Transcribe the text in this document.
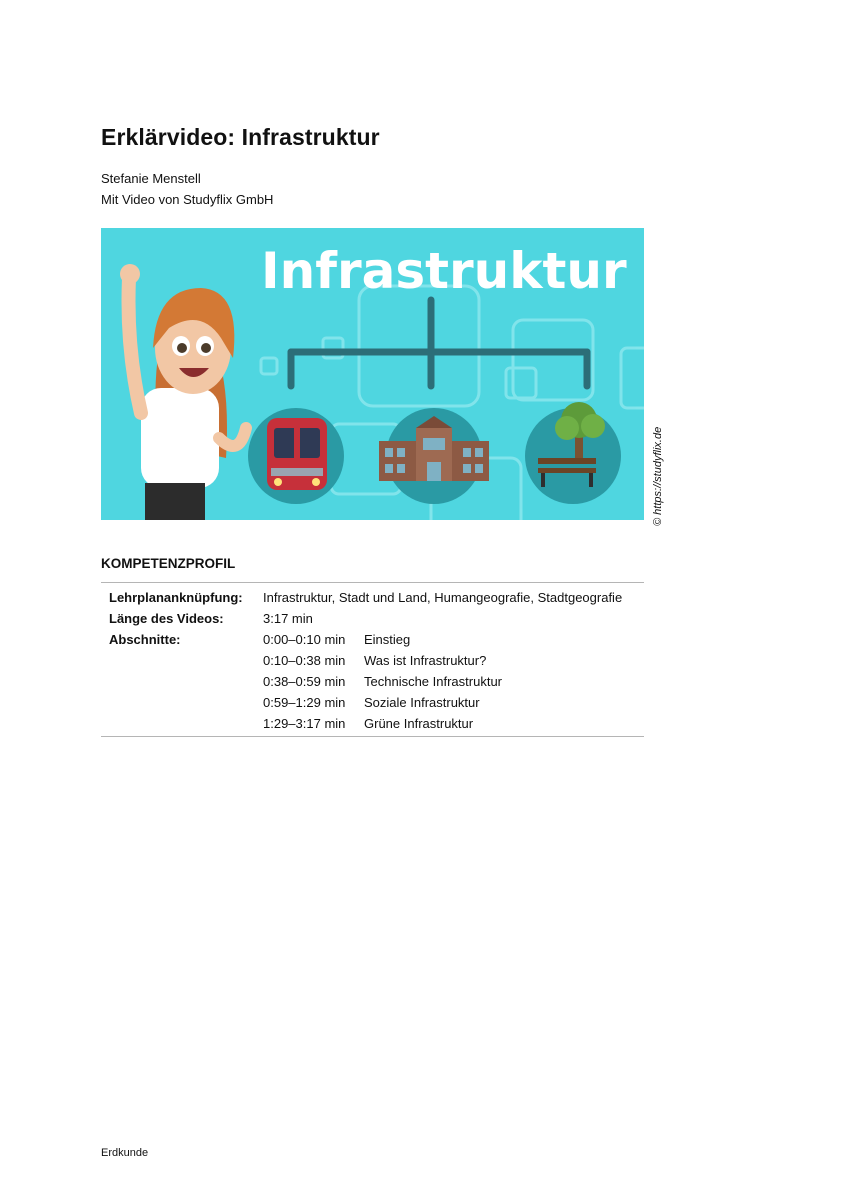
Erklärvideo: Infrastruktur
Stefanie Menstell
Mit Video von Studyflix GmbH
Infrastruktur
© https://studyflix.de
KOMPETENZPROFIL
Lehrplananknüpfung:	Infrastruktur, Stadt und Land, Humangeografie, Stadtgeografie
Länge des Videos:	3:17 min
Abschnitte:	0:00–0:10 min	Einstieg
0:10–0:38 min	Was ist Infrastruktur?
0:38–0:59 min	Technische Infrastruktur
0:59–1:29 min	Soziale Infrastruktur
1:29–3:17 min	Grüne Infrastruktur
Erdkunde
